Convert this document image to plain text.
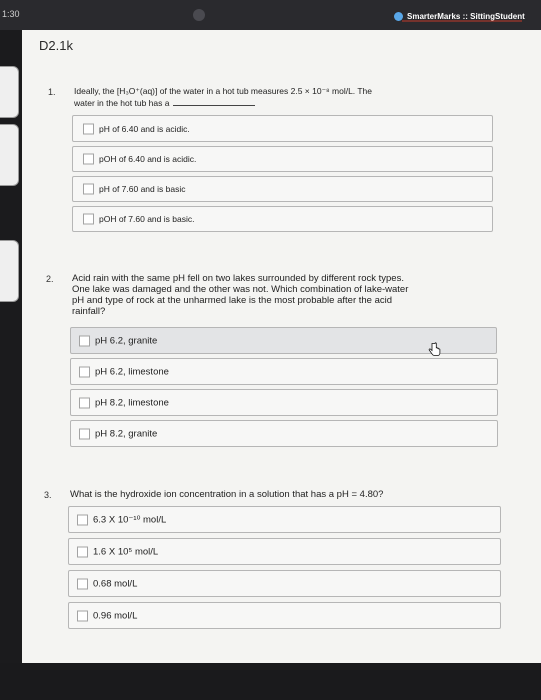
1:30	SmarterMarks :: SittingStudent
D2.1k
1. Ideally, the [H₃O⁺(aq)] of the water in a hot tub measures 2.5 × 10⁻⁸ mol/L. The
water in the hot tub has a
pH of 6.40 and is acidic.
pOH of 6.40 and is acidic.
pH of 7.60 and is basic
pOH of 7.60 and is basic.
2. Acid rain with the same pH fell on two lakes surrounded by different rock types.
One lake was damaged and the other was not. Which combination of lake-water
pH and type of rock at the unharmed lake is the most probable after the acid
rainfall?
pH 6.2, granite
pH 6.2, limestone
pH 8.2, limestone
pH 8.2, granite
3. What is the hydroxide ion concentration in a solution that has a pH = 4.80?
6.3 X 10⁻¹⁰ mol/L
1.6 X 10⁵ mol/L
0.68 mol/L
0.96 mol/L
